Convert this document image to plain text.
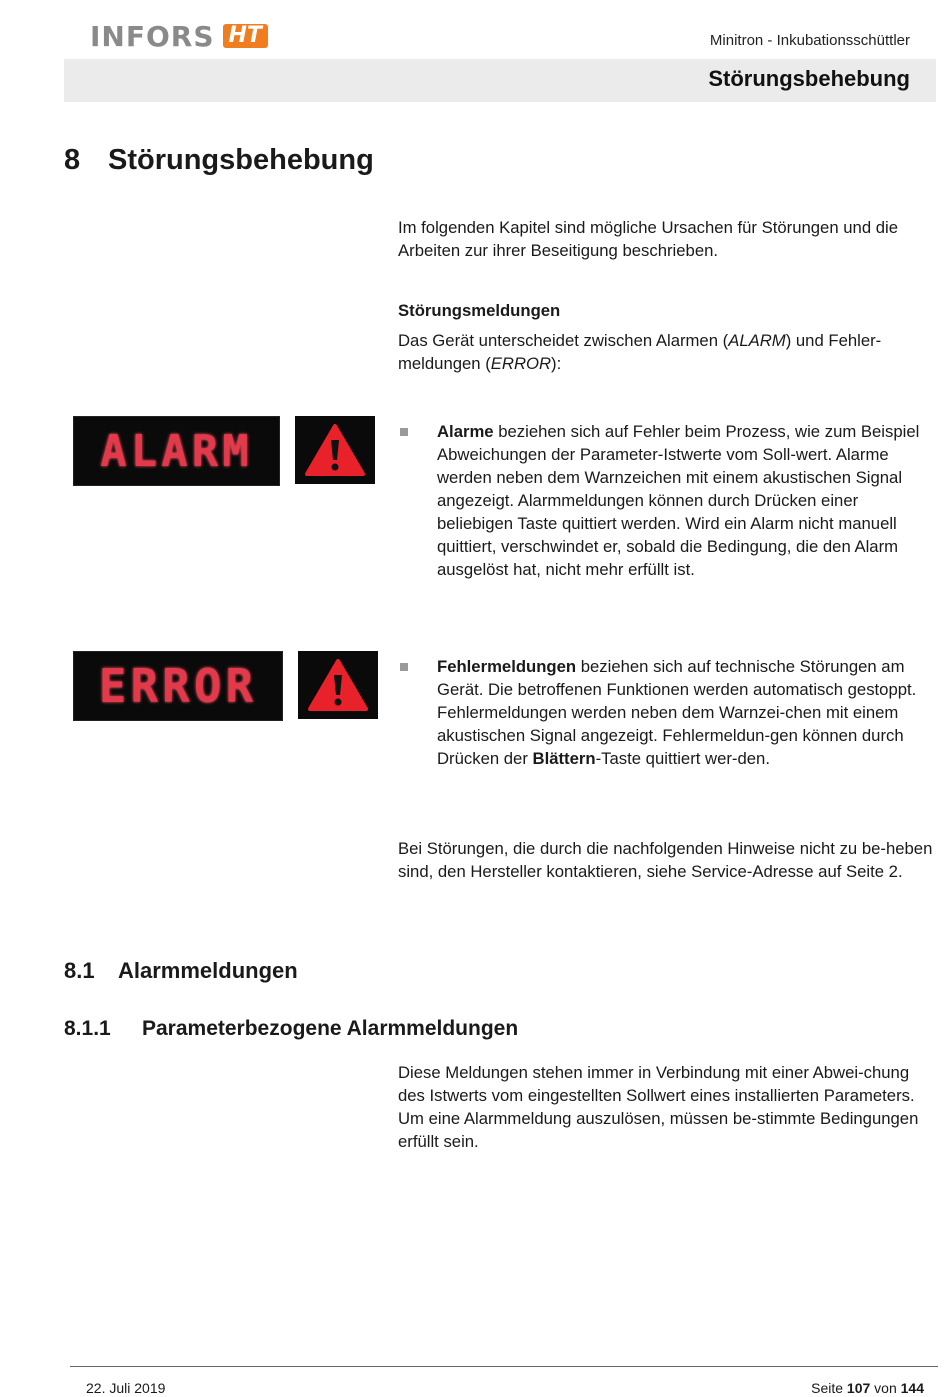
INFORS HT	Minitron - Inkubationsschüttler
Störungsbehebung
8 Störungsbehebung

Im folgenden Kapitel sind mögliche Ursachen für Störungen und die Arbeiten zur ihrer Beseitigung beschrieben.

Störungsmeldungen

Das Gerät unterscheidet zwischen Alarmen (ALARM) und Fehler-meldungen (ERROR):

ALARM	Alarme beziehen sich auf Fehler beim Prozess, wie zum Beispiel Abweichungen der Parameter-Istwerte vom Soll-wert. Alarme werden neben dem Warnzeichen mit einem akustischen Signal angezeigt. Alarmmeldungen können durch Drücken einer beliebigen Taste quittiert werden. Wird ein Alarm nicht manuell quittiert, verschwindet er, sobald die Bedingung, die den Alarm ausgelöst hat, nicht mehr erfüllt ist.
ERROR	Fehlermeldungen beziehen sich auf technische Störungen am Gerät. Die betroffenen Funktionen werden automatisch gestoppt. Fehlermeldungen werden neben dem Warnzei-chen mit einem akustischen Signal angezeigt. Fehlermeldun-gen können durch Drücken der Blättern-Taste quittiert wer-den.

Bei Störungen, die durch die nachfolgenden Hinweise nicht zu be-heben sind, den Hersteller kontaktieren, siehe Service-Adresse auf Seite 2.

8.1 Alarmmeldungen
8.1.1 Parameterbezogene Alarmmeldungen

Diese Meldungen stehen immer in Verbindung mit einer Abwei-chung des Istwerts vom eingestellten Sollwert eines installierten Parameters. Um eine Alarmmeldung auszulösen, müssen be-stimmte Bedingungen erfüllt sein.

22. Juli 2019	Seite 107 von 144
